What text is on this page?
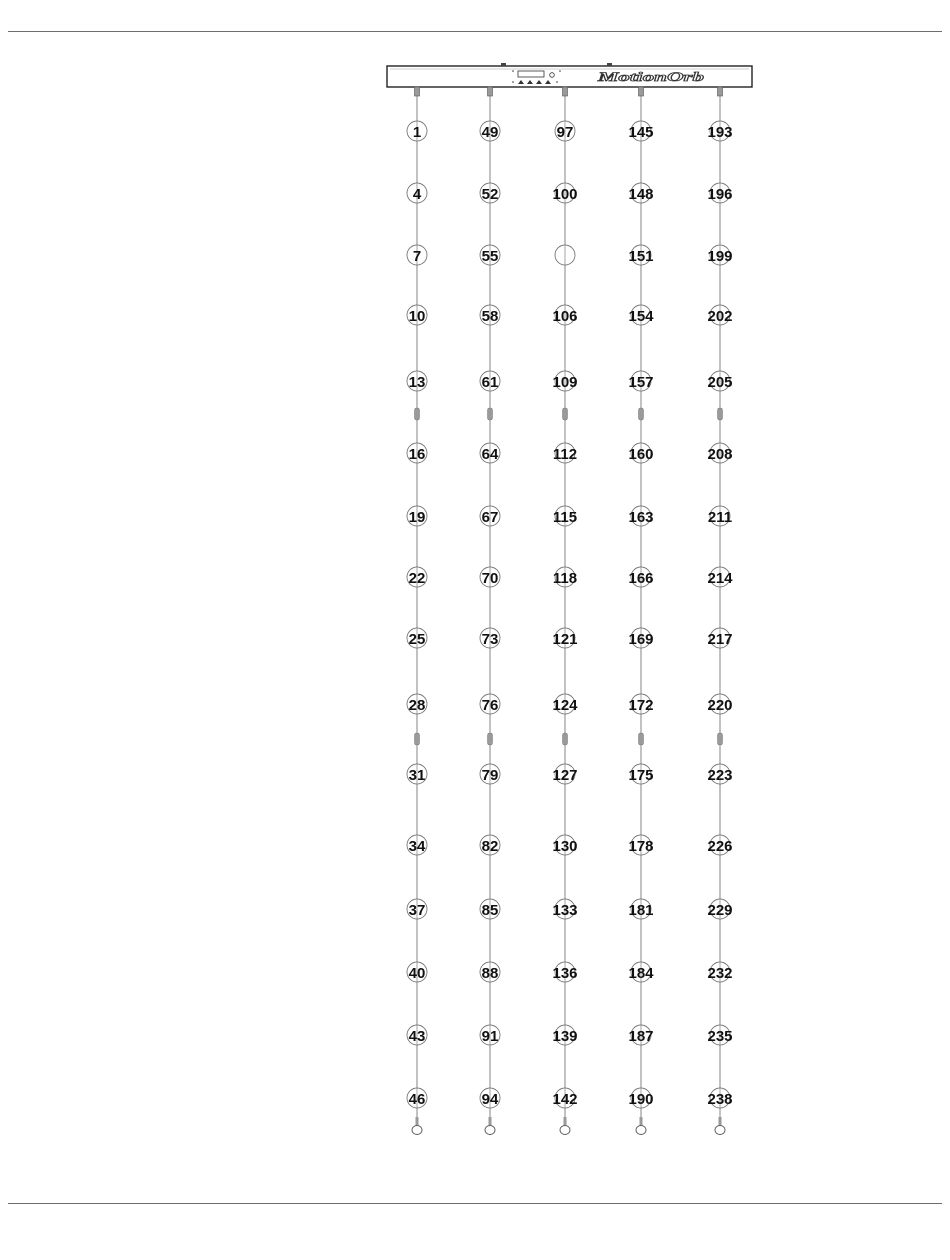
MotionOrb
1
4
7
10
13
16
19
22
25
28
31
34
37
40
43
46
49
52
55
58
61
64
67
70
73
76
79
82
85
88
91
94
97
100
106
109
112
115
118
121
124
127
130
133
136
139
142
145
148
151
154
157
160
163
166
169
172
175
178
181
184
187
190
193
196
199
202
205
208
211
214
217
220
223
226
229
232
235
238
